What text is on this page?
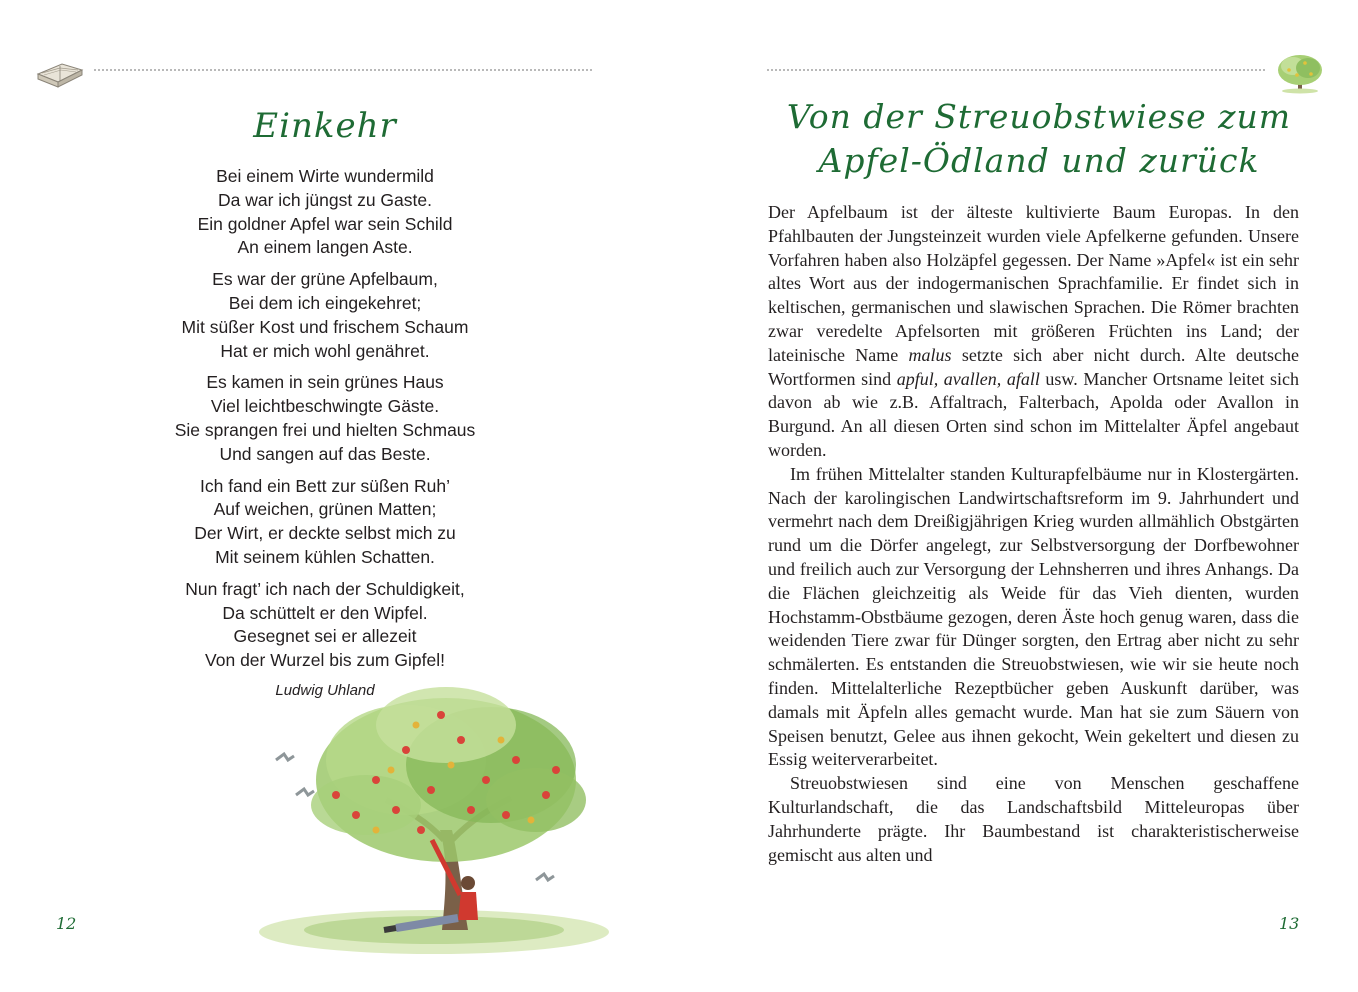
Einkehr
Bei einem Wirte wundermild
Da war ich jüngst zu Gaste.
Ein goldner Apfel war sein Schild
An einem langen Aste.
Es war der grüne Apfelbaum,
Bei dem ich eingekehret;
Mit süßer Kost und frischem Schaum
Hat er mich wohl genähret.
Es kamen in sein grünes Haus
Viel leichtbeschwingte Gäste.
Sie sprangen frei und hielten Schmaus
Und sangen auf das Beste.
Ich fand ein Bett zur süßen Ruh’
Auf weichen, grünen Matten;
Der Wirt, er deckte selbst mich zu
Mit seinem kühlen Schatten.
Nun fragt’ ich nach der Schuldigkeit,
Da schüttelt er den Wipfel.
Gesegnet sei er allezeit
Von der Wurzel bis zum Gipfel!
Ludwig Uhland
12
Von der Streuobstwiese zum
Apfel-Ödland und zurück

Der Apfelbaum ist der älteste kultivierte Baum Europas. In den Pfahlbauten der Jungsteinzeit wurden viele Apfelkerne gefunden. Unsere Vorfahren haben also Holzäpfel gegessen. Der Name »Apfel« ist ein sehr altes Wort aus der indogermanischen Sprachfamilie. Er findet sich in keltischen, germanischen und slawischen Sprachen. Die Römer brachten zwar veredelte Apfelsorten mit größeren Früchten ins Land; der lateinische Name malus setzte sich aber nicht durch. Alte deutsche Wortformen sind apful, avallen, afall usw. Mancher Ortsname leitet sich davon ab wie z.B. Affaltrach, Falterbach, Apolda oder Avallon in Burgund. An all diesen Orten sind schon im Mittelalter Äpfel angebaut worden.

Im frühen Mittelalter standen Kulturapfelbäume nur in Klostergärten. Nach der karolingischen Landwirtschaftsreform im 9. Jahrhundert und vermehrt nach dem Dreißigjährigen Krieg wurden allmählich Obstgärten rund um die Dörfer angelegt, zur Selbstversorgung der Dorfbewohner und freilich auch zur Versorgung der Lehnsherren und ihres Anhangs. Da die Flächen gleichzeitig als Weide für das Vieh dienten, wurden Hochstamm-Obstbäume gezogen, deren Äste hoch genug waren, dass die weidenden Tiere zwar für Dünger sorgten, den Ertrag aber nicht zu sehr schmälerten. Es entstanden die Streuobstwiesen, wie wir sie heute noch finden. Mittelalterliche Rezeptbücher geben Auskunft darüber, was damals mit Äpfeln alles gemacht wurde. Man hat sie zum Säuern von Speisen benutzt, Gelee aus ihnen gekocht, Wein gekeltert und diesen zu Essig weiterverarbeitet.

Streuobstwiesen sind eine von Menschen geschaffene Kulturlandschaft, die das Landschaftsbild Mitteleuropas über Jahrhunderte prägte. Ihr Baumbestand ist charakteristischerweise gemischt aus alten und

13
